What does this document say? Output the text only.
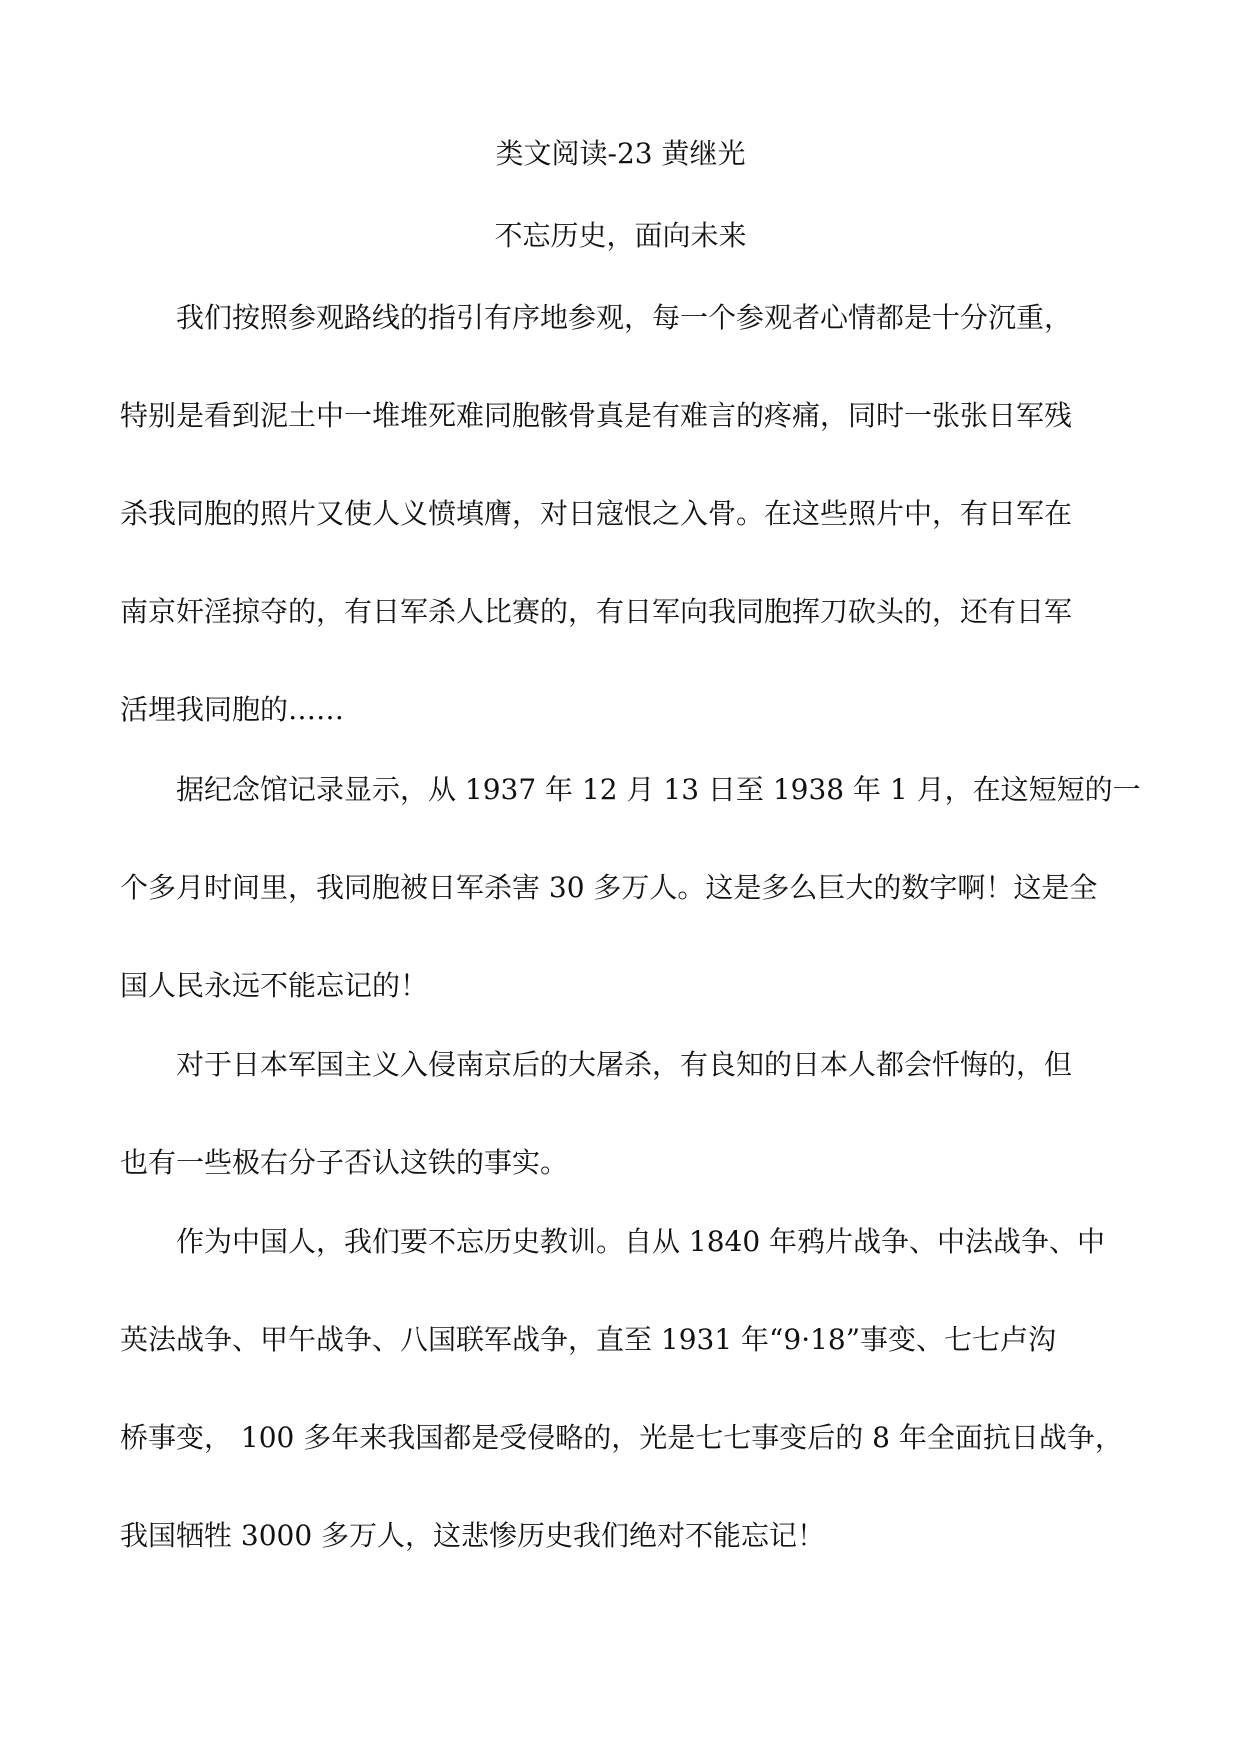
类文阅读-23 黄继光
不忘历史，面向未来
我们按照参观路线的指引有序地参观，每一个参观者心情都是十分沉重，
特别是看到泥土中一堆堆死难同胞骸骨真是有难言的疼痛，同时一张张日军残
杀我同胞的照片又使人义愤填膺，对日寇恨之入骨。在这些照片中，有日军在
南京奸淫掠夺的，有日军杀人比赛的，有日军向我同胞挥刀砍头的，还有日军
活埋我同胞的……
据纪念馆记录显示，从 1937 年 12 月 13 日至 1938 年 1 月，在这短短的一
个多月时间里，我同胞被日军杀害 30 多万人。这是多么巨大的数字啊！这是全
国人民永远不能忘记的！
对于日本军国主义入侵南京后的大屠杀，有良知的日本人都会忏悔的，但
也有一些极右分子否认这铁的事实。
作为中国人，我们要不忘历史教训。自从 1840 年鸦片战争、中法战争、中
英法战争、甲午战争、八国联军战争，直至 1931 年“9·18”事变、七七卢沟
桥事变， 100 多年来我国都是受侵略的，光是七七事变后的 8 年全面抗日战争，
我国牺牲 3000 多万人，这悲惨历史我们绝对不能忘记！
